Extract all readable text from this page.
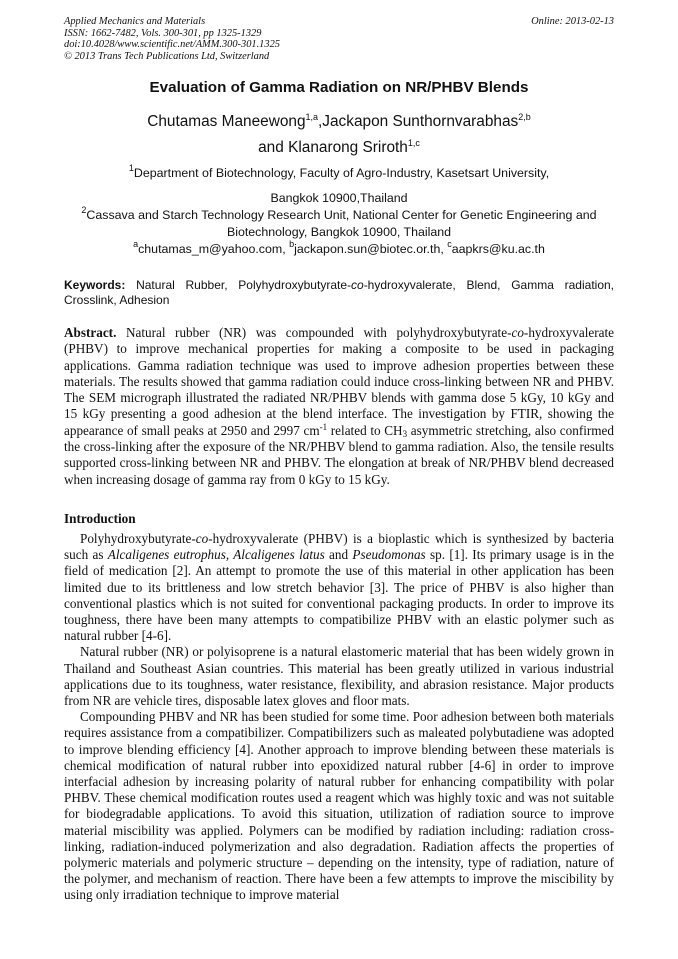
Applied Mechanics and Materials
ISSN: 1662-7482, Vols. 300-301, pp 1325-1329
doi:10.4028/www.scientific.net/AMM.300-301.1325
© 2013 Trans Tech Publications Ltd, Switzerland
Online: 2013-02-13
Evaluation of Gamma Radiation on NR/PHBV Blends
Chutamas Maneewong$^{1,a}$,Jackapon Sunthornvarabhas$^{2,b}$
and Klanarong Sriroth$^{1,c}$
$^1$Department of Biotechnology, Faculty of Agro-Industry, Kasetsart University,
Bangkok 10900,Thailand
$^2$Cassava and Starch Technology Research Unit, National Center for Genetic Engineering and
Biotechnology, Bangkok 10900, Thailand
$^a$chutamas_m@yahoo.com, $^b$jackapon.sun@biotec.or.th, $^c$aapkrs@ku.ac.th
Keywords: Natural Rubber, Polyhydroxybutyrate-co-hydroxyvalerate, Blend, Gamma radiation, Crosslink, Adhesion
Abstract. Natural rubber (NR) was compounded with polyhydroxybutyrate-co-hydroxyvalerate (PHBV) to improve mechanical properties for making a composite to be used in packaging applications. Gamma radiation technique was used to improve adhesion properties between these materials. The results showed that gamma radiation could induce cross-linking between NR and PHBV. The SEM micrograph illustrated the radiated NR/PHBV blends with gamma dose 5 kGy, 10 kGy and 15 kGy presenting a good adhesion at the blend interface. The investigation by FTIR, showing the appearance of small peaks at 2950 and 2997 $cm^{-1}$ related to $CH_3$ asymmetric stretching, also confirmed the cross-linking after the exposure of the NR/PHBV blend to gamma radiation. Also, the tensile results supported cross-linking between NR and PHBV. The elongation at break of NR/PHBV blend decreased when increasing dosage of gamma ray from 0 kGy to 15 kGy.
Introduction

Polyhydroxybutyrate-co-hydroxyvalerate (PHBV) is a bioplastic which is synthesized by bacteria such as Alcaligenes eutrophus, Alcaligenes latus and Pseudomonas sp. [1]. Its primary usage is in the field of medication [2]. An attempt to promote the use of this material in other application has been limited due to its brittleness and low stretch behavior [3]. The price of PHBV is also higher than conventional plastics which is not suited for conventional packaging products. In order to improve its toughness, there have been many attempts to compatibilize PHBV with an elastic polymer such as natural rubber [4-6].

Natural rubber (NR) or polyisoprene is a natural elastomeric material that has been widely grown in Thailand and Southeast Asian countries. This material has been greatly utilized in various industrial applications due to its toughness, water resistance, flexibility, and abrasion resistance. Major products from NR are vehicle tires, disposable latex gloves and floor mats.

Compounding PHBV and NR has been studied for some time. Poor adhesion between both materials requires assistance from a compatibilizer. Compatibilizers such as maleated polybutadiene was adopted to improve blending efficiency [4]. Another approach to improve blending between these materials is chemical modification of natural rubber into epoxidized natural rubber [4-6] in order to improve interfacial adhesion by increasing polarity of natural rubber for enhancing compatibility with polar PHBV. These chemical modification routes used a reagent which was highly toxic and was not suitable for biodegradable applications. To avoid this situation, utilization of radiation source to improve material miscibility was applied. Polymers can be modified by radiation including: radiation cross-linking, radiation-induced polymerization and also degradation. Radiation affects the properties of polymeric materials and polymeric structure – depending on the intensity, type of radiation, nature of the polymer, and mechanism of reaction. There have been a few attempts to improve the miscibility by using only irradiation technique to improve material
